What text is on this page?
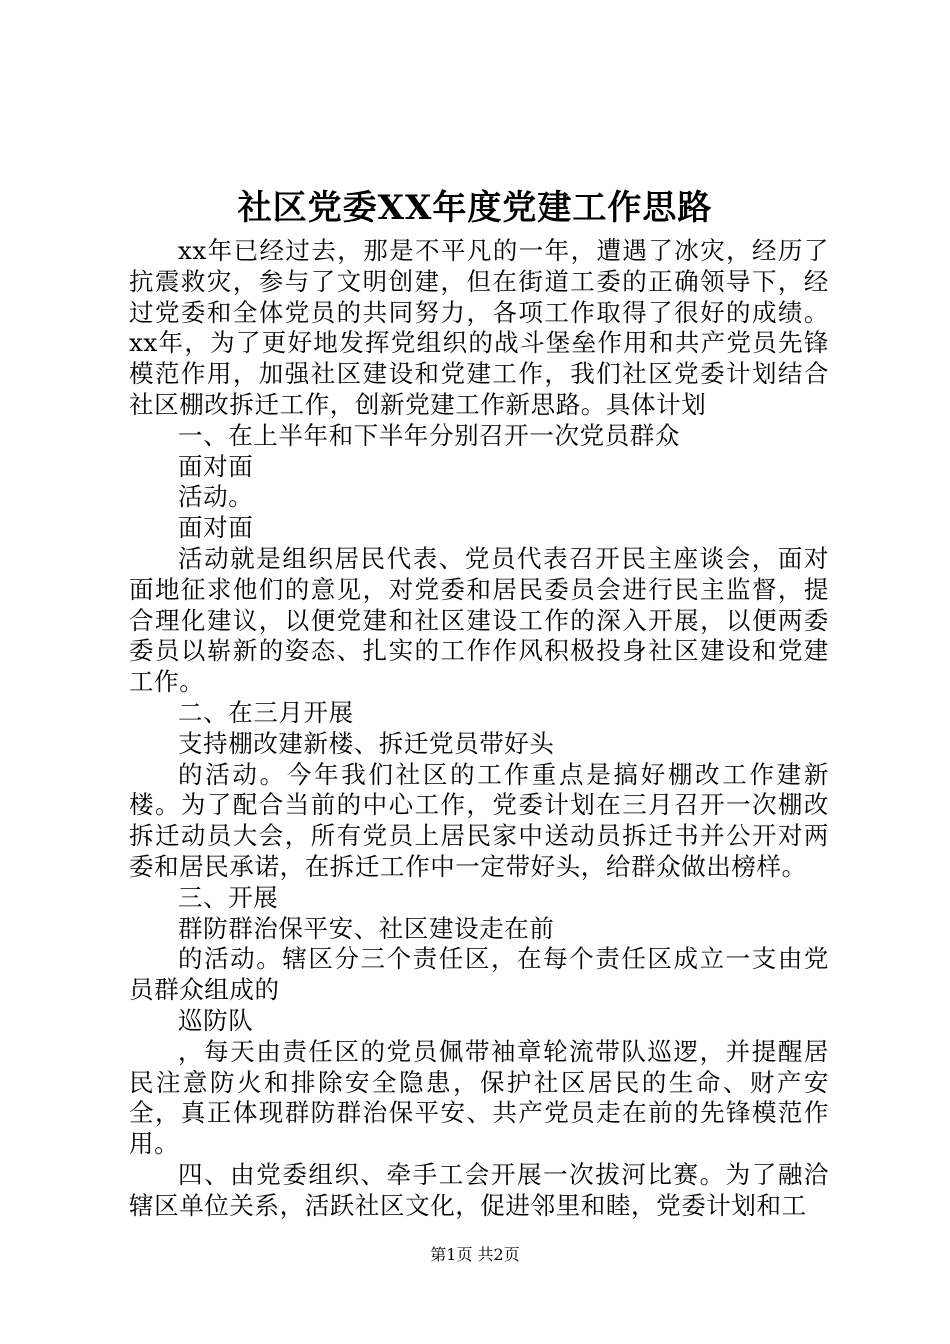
社区党委XX年度党建工作思路

xx年已经过去，那是不平凡的一年，遭遇了冰灾，经历了抗震救灾，参与了文明创建，但在街道工委的正确领导下，经过党委和全体党员的共同努力，各项工作取得了很好的成绩。xx年，为了更好地发挥党组织的战斗堡垒作用和共产党员先锋模范作用，加强社区建设和党建工作，我们社区党委计划结合社区棚改拆迁工作，创新党建工作新思路。具体计划

一、在上半年和下半年分别召开一次党员群众

面对面

活动。

面对面

活动就是组织居民代表、党员代表召开民主座谈会，面对面地征求他们的意见，对党委和居民委员会进行民主监督，提合理化建议，以便党建和社区建设工作的深入开展，以便两委委员以崭新的姿态、扎实的工作作风积极投身社区建设和党建工作。

二、在三月开展

支持棚改建新楼、拆迁党员带好头

的活动。今年我们社区的工作重点是搞好棚改工作建新楼。为了配合当前的中心工作，党委计划在三月召开一次棚改拆迁动员大会，所有党员上居民家中送动员拆迁书并公开对两委和居民承诺，在拆迁工作中一定带好头，给群众做出榜样。

三、开展

群防群治保平安、社区建设走在前

的活动。辖区分三个责任区，在每个责任区成立一支由党员群众组成的

巡防队

，每天由责任区的党员佩带袖章轮流带队巡逻，并提醒居民注意防火和排除安全隐患，保护社区居民的生命、财产安全，真正体现群防群治保平安、共产党员走在前的先锋模范作用。

四、由党委组织、牵手工会开展一次拔河比赛。为了融洽辖区单位关系，活跃社区文化，促进邻里和睦，党委计划和工

第1页 共2页
